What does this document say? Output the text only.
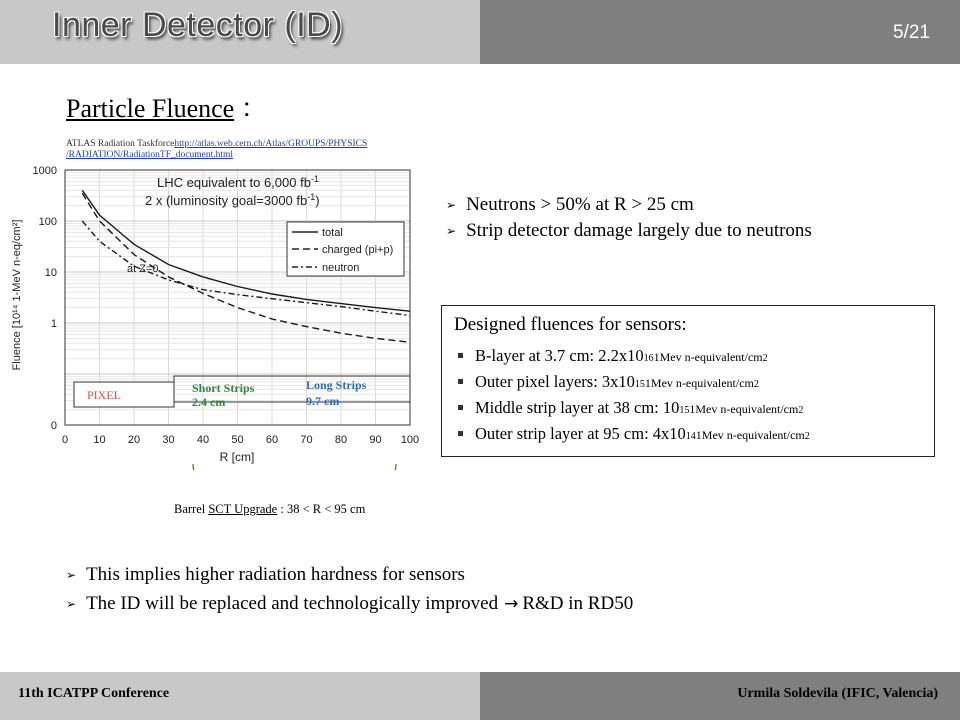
Inner Detector (ID)	5/21
Particle Fluence ：
ATLAS Radiation Taskforcehttp://atlas.web.cern.ch/Atlas/GROUPS/PHYSICS
/RADIATION/RadiationTF_document.html
0
1
10
100
1000
0 10 20 30 40 50 60 70 80 90 100
Fluence [10¹⁴ 1-MeV n-eq/cm²]
R [cm]
LHC equivalent to 6,000 $fb^{-1}$
2 x (luminosity goal=3000 $fb^{-1}$)
at Z=0
total
charged (pi+p)
neutron
PIXEL	Short Strips
2.4 cm
Long Strips
9.7 cm
➢ Neutrons > 50% at R > 25 cm
➢ Strip detector damage largely due to neutrons
Designed fluences for sensors:
B-layer at 3.7 cm: 2.2x10 16 1Mev n-equivalent/cm 2
Outer pixel layers: 3x10 15 1Mev n-equivalent/cm 2
Middle strip layer at 38 cm: 10 15 1Mev n-equivalent/cm 2
Outer strip layer at 95 cm: 4x10 14 1Mev n-equivalent/cm 2
Barrel SCT Upgrade : 38 < R < 95 cm
➢ This implies higher radiation hardness for sensors
➢ The ID will be replaced and technologically improved → R&D in RD50
11th ICATPP Conference	Urmila Soldevila (IFIC, Valencia)
